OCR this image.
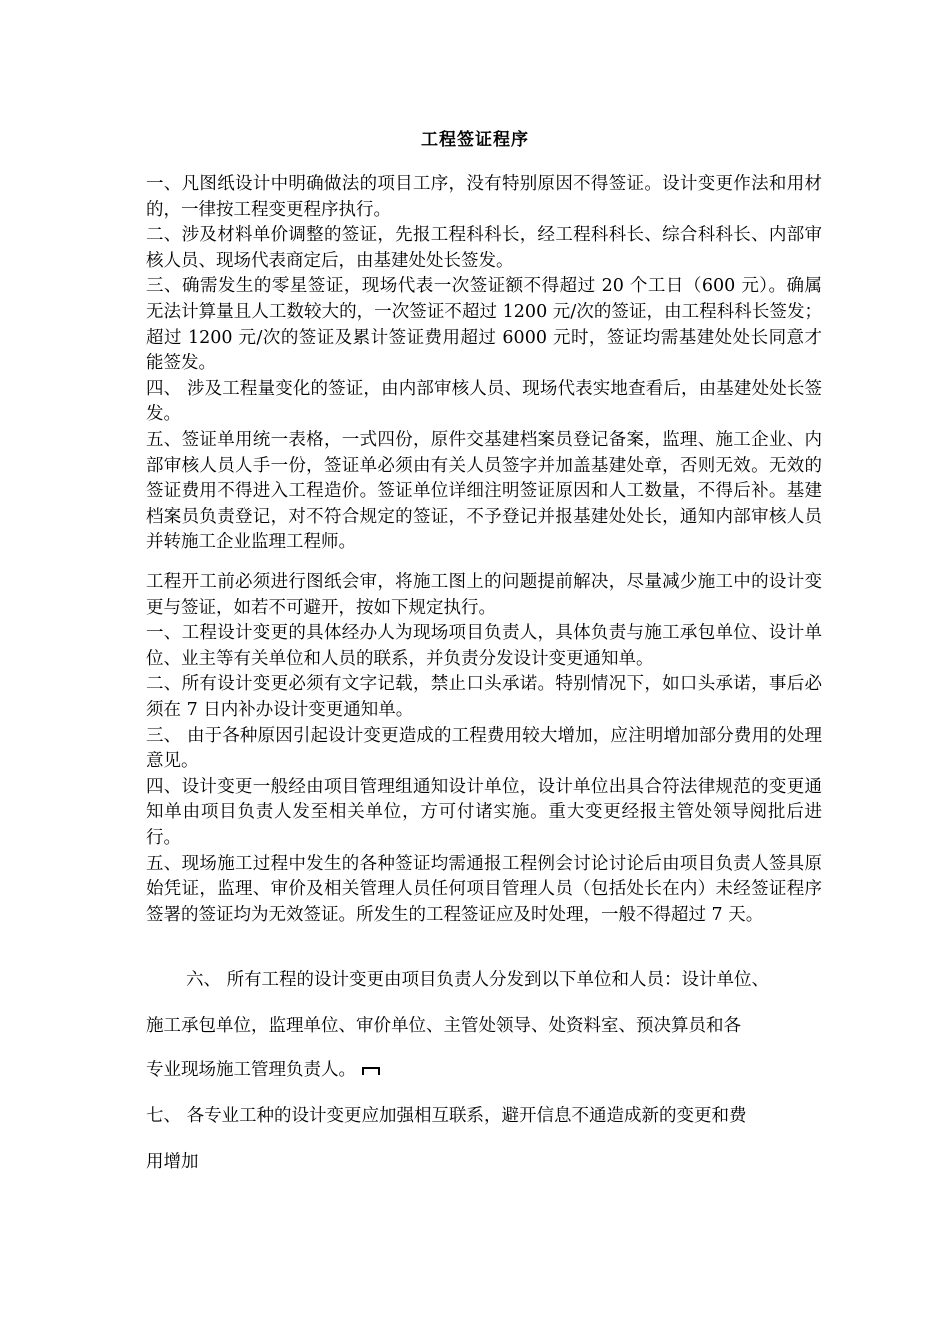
工程签证程序

一、凡图纸设计中明确做法的项目工序，没有特别原因不得签证。设计变更作法和用材的，一律按工程变更程序执行。

二、涉及材料单价调整的签证，先报工程科科长，经工程科科长、综合科科长、内部审核人员、现场代表商定后，由基建处处长签发。

三、确需发生的零星签证，现场代表一次签证额不得超过 20 个工日（600 元）。确属无法计算量且人工数较大的，一次签证不超过 1200 元/次的签证，由工程科科长签发；超过 1200 元/次的签证及累计签证费用超过 6000 元时，签证均需基建处处长同意才能签发。

四、 涉及工程量变化的签证，由内部审核人员、现场代表实地查看后，由基建处处长签发。

五、签证单用统一表格，一式四份，原件交基建档案员登记备案，监理、施工企业、内部审核人员人手一份，签证单必须由有关人员签字并加盖基建处章，否则无效。无效的签证费用不得进入工程造价。签证单位详细注明签证原因和人工数量，不得后补。基建档案员负责登记，对不符合规定的签证，不予登记并报基建处处长，通知内部审核人员并转施工企业监理工程师。

工程开工前必须进行图纸会审，将施工图上的问题提前解决，尽量减少施工中的设计变更与签证，如若不可避开，按如下规定执行。

一、工程设计变更的具体经办人为现场项目负责人，具体负责与施工承包单位、设计单位、业主等有关单位和人员的联系，并负责分发设计变更通知单。

二、所有设计变更必须有文字记载，禁止口头承诺。特别情况下，如口头承诺，事后必须在 7 日内补办设计变更通知单。

三、 由于各种原因引起设计变更造成的工程费用较大增加，应注明增加部分费用的处理意见。

四、设计变更一般经由项目管理组通知设计单位，设计单位出具合符法律规范的变更通知单由项目负责人发至相关单位，方可付诸实施。重大变更经报主管处领导阅批后进行。

五、现场施工过程中发生的各种签证均需通报工程例会讨论讨论后由项目负责人签具原始凭证，监理、审价及相关管理人员任何项目管理人员（包括处长在内）未经签证程序签署的签证均为无效签证。所发生的工程签证应及时处理，一般不得超过 7 天。

六、 所有工程的设计变更由项目负责人分发到以下单位和人员：设计单位、
施工承包单位，监理单位、审价单位、主管处领导、处资料室、预决算员和各
专业现场施工管理负责人。
七、 各专业工种的设计变更应加强相互联系，避开信息不通造成新的变更和费
用增加
